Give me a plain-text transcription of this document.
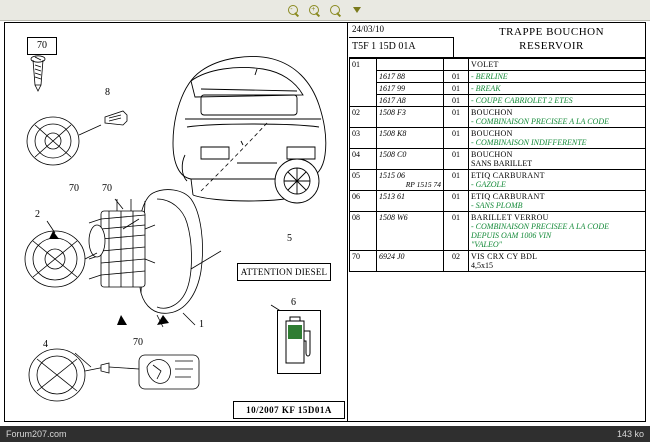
-	+
70
2
1
4
5
6
8
70
70
70
ATTENTION DIESEL
10/2007 KF 15D01A
24/03/10
T5F 1 15D 01A
TRAPPE BOUCHON
RESERVOIR
01			VOLET
	1617 88	01	- BERLINE
	1617 99	01	- BREAK
	1617 A8	01	- COUPE CABRIOLET 2 ETES
02	1508 F3	01	BOUCHON
- COMBINAISON PRECISEE A LA CODE
03	1508 K8	01	BOUCHON
- COMBINAISON INDIFFERENTE
04	1508 C0	01	BOUCHON
SANS BARILLET
05	1515 06
RP 1515 74	01	ETIQ CARBURANT
- GAZOLE
06	1513 61	01	ETIQ CARBURANT
- SANS PLOMB
08	1508 W6	01	BARILLET VERROU
- COMBINAISON PRECISEE A LA CODE
DEPUIS OAM 1006 VIN
"VALEO"
70	6924 J0	02	VIS CRX CY BDL
4,5x15
Forum207.com	143 ko
